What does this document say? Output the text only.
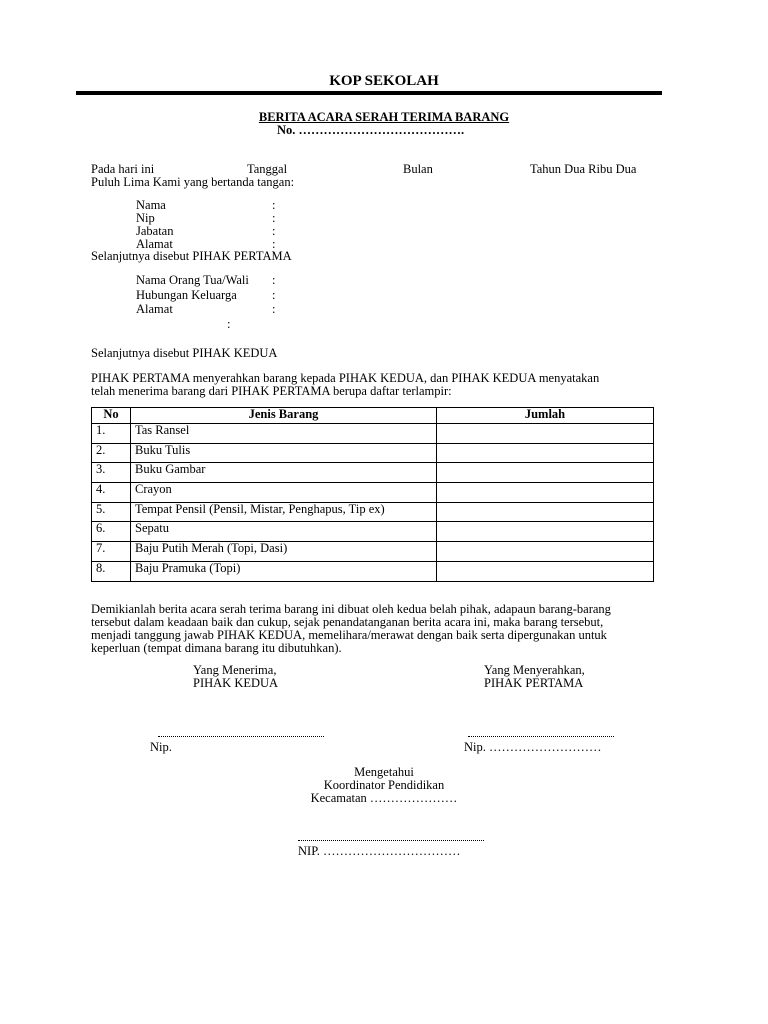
KOP SEKOLAH
BERITA ACARA SERAH TERIMA BARANG
No. ………………………………….
Pada hari ini	Tanggal	Bulan	Tahun Dua Ribu Dua
Puluh Lima Kami yang bertanda tangan:
Nama	:
Nip	:
Jabatan	:
Alamat	:
Selanjutnya disebut PIHAK PERTAMA
Nama Orang Tua/Wali :
Hubungan Keluarga	:
Alamat	:
:
Selanjutnya disebut PIHAK KEDUA
PIHAK PERTAMA menyerahkan barang kepada PIHAK KEDUA, dan PIHAK KEDUA menyatakan
telah menerima barang dari PIHAK PERTAMA berupa daftar terlampir:
No	Jenis Barang	Jumlah
1.	Tas Ransel	
2.	Buku Tulis	
3.	Buku Gambar	
4.	Crayon	
5.	Tempat Pensil (Pensil, Mistar, Penghapus, Tip ex)	
6.	Sepatu	
7.	Baju Putih Merah (Topi, Dasi)	
8.	Baju Pramuka (Topi)	
Demikianlah berita acara serah terima barang ini dibuat oleh kedua belah pihak, adapaun barang-barang
tersebut dalam keadaan baik dan cukup, sejak penandatanganan berita acara ini, maka barang tersebut,
menjadi tanggung jawab PIHAK KEDUA, memelihara/merawat dengan baik serta dipergunakan untuk
keperluan (tempat dimana barang itu dibutuhkan).
Yang Menerima,
PIHAK KEDUA
Yang Menyerahkan,
PIHAK PERTAMA
Nip.	Nip. ………………………
Mengetahui
Koordinator Pendidikan
Kecamatan …………………
NIP. ……………………………
